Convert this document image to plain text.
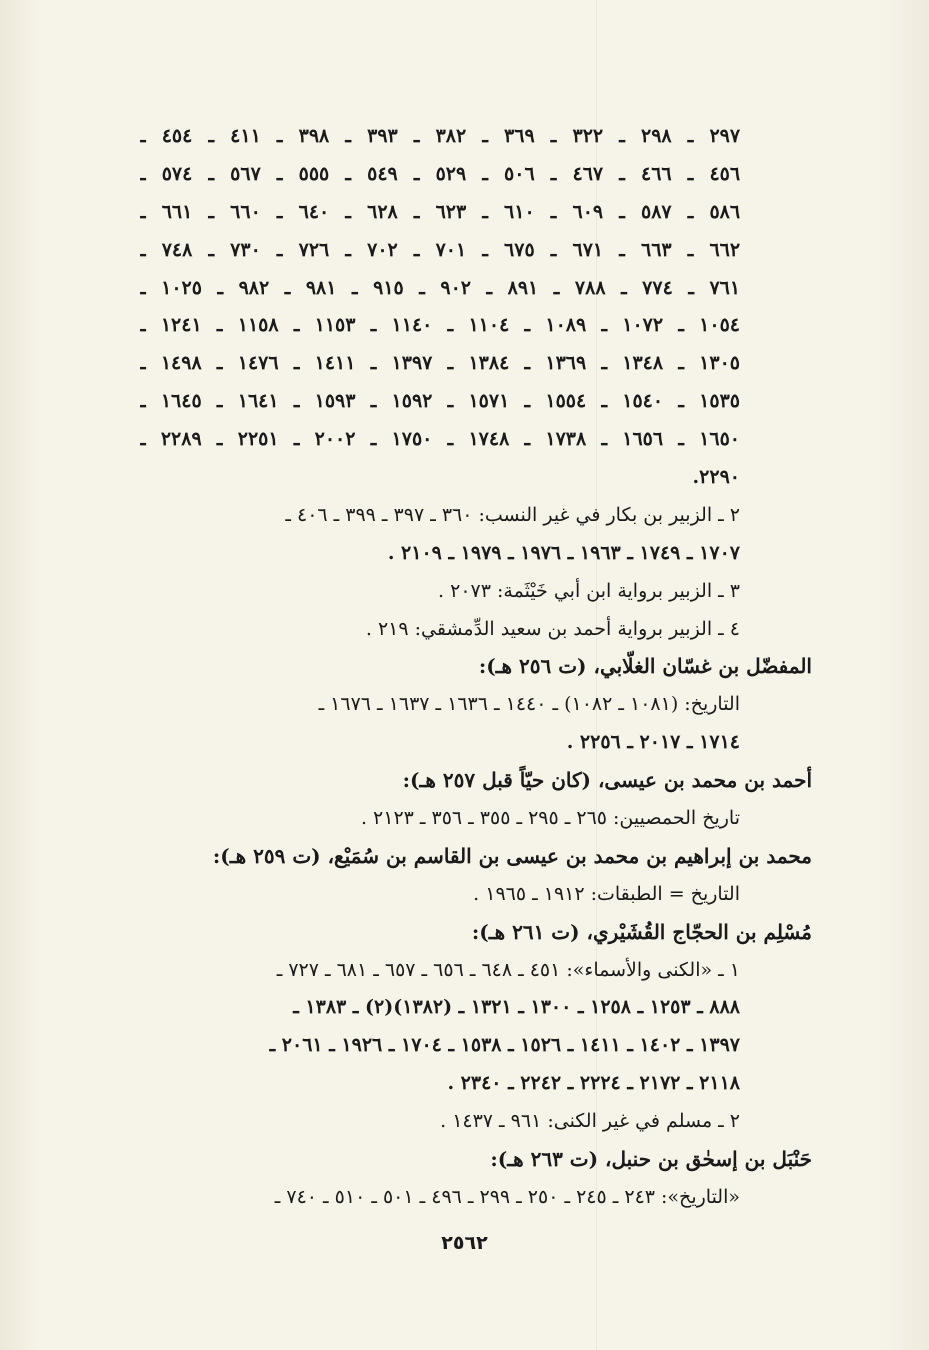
٢٩٧ ـ ٢٩٨ ـ ٣٢٢ ـ ٣٦٩ ـ ٣٨٢ ـ ٣٩٣ ـ ٣٩٨ ـ ٤١١ ـ ٤٥٤ ـ
٤٥٦ ـ ٤٦٦ ـ ٤٦٧ ـ ٥٠٦ ـ ٥٢٩ ـ ٥٤٩ ـ ٥٥٥ ـ ٥٦٧ ـ ٥٧٤ ـ
٥٨٦ ـ ٥٨٧ ـ ٦٠٩ ـ ٦١٠ ـ ٦٢٣ ـ ٦٢٨ ـ ٦٤٠ ـ ٦٦٠ ـ ٦٦١ ـ
٦٦٢ ـ ٦٦٣ ـ ٦٧١ ـ ٦٧٥ ـ ٧٠١ ـ ٧٠٢ ـ ٧٢٦ ـ ٧٣٠ ـ ٧٤٨ ـ
٧٦١ ـ ٧٧٤ ـ ٧٨٨ ـ ٨٩١ ـ ٩٠٢ ـ ٩١٥ ـ ٩٨١ ـ ٩٨٢ ـ ١٠٢٥ ـ
١٠٥٤ ـ ١٠٧٢ ـ ١٠٨٩ ـ ١١٠٤ ـ ١١٤٠ ـ ١١٥٣ ـ ١١٥٨ ـ ١٢٤١ ـ
١٣٠٥ ـ ١٣٤٨ ـ ١٣٦٩ ـ ١٣٨٤ ـ ١٣٩٧ ـ ١٤١١ ـ ١٤٧٦ ـ ١٤٩٨ ـ
١٥٣٥ ـ ١٥٤٠ ـ ١٥٥٤ ـ ١٥٧١ ـ ١٥٩٢ ـ ١٥٩٣ ـ ١٦٤١ ـ ١٦٤٥ ـ
١٦٥٠ ـ ١٦٥٦ ـ ١٧٣٨ ـ ١٧٤٨ ـ ١٧٥٠ ـ ٢٠٠٢ ـ ٢٢٥١ ـ ٢٢٨٩ ـ
٢٢٩٠.
٢ ـ الزبير بن بكار في غير النسب: ٣٦٠ ـ ٣٩٧ ـ ٣٩٩ ـ ٤٠٦ ـ
١٧٠٧ ـ ١٧٤٩ ـ ١٩٦٣ ـ ١٩٧٦ ـ ١٩٧٩ ـ ٢١٠٩ .
٣ ـ الزبير برواية ابن أبي خَيْثَمة: ٢٠٧٣ .
٤ ـ الزبير برواية أحمد بن سعيد الدِّمشقي: ٢١٩ .
المفضّل بن غسّان الغلّابي، (ت ٢٥٦ هـ):
التاريخ: (١٠٨١ ـ ١٠٨٢) ـ ١٤٤٠ ـ ١٦٣٦ ـ ١٦٣٧ ـ ١٦٧٦ ـ
١٧١٤ ـ ٢٠١٧ ـ ٢٢٥٦ .
أحمد بن محمد بن عيسى، (كان حيّاً قبل ٢٥٧ هـ):
تاريخ الحمصيين: ٢٦٥ ـ ٢٩٥ ـ ٣٥٥ ـ ٣٥٦ ـ ٢١٢٣ .
محمد بن إبراهيم بن محمد بن عيسى بن القاسم بن سُمَيْع، (ت ٢٥٩ هـ):
التاريخ = الطبقات: ١٩١٢ ـ ١٩٦٥ .
مُسْلِم بن الحجّاج القُشَيْري، (ت ٢٦١ هـ):
١ ـ «الكنى والأسماء»: ٤٥١ ـ ٦٤٨ ـ ٦٥٦ ـ ٦٥٧ ـ ٦٨١ ـ ٧٢٧ ـ
٨٨٨ ـ ١٢٥٣ ـ ١٢٥٨ ـ ١٣٠٠ ـ ١٣٢١ ـ (١٣٨٢)(٢) ـ ١٣٨٣ ـ
١٣٩٧ ـ ١٤٠٢ ـ ١٤١١ ـ ١٥٢٦ ـ ١٥٣٨ ـ ١٧٠٤ ـ ١٩٢٦ ـ ٢٠٦١ ـ
٢١١٨ ـ ٢١٧٢ ـ ٢٢٢٤ ـ ٢٢٤٢ ـ ٢٣٤٠ .
٢ ـ مسلم في غير الكنى: ٩٦١ ـ ١٤٣٧ .
حَنْبَل بن إسحٰق بن حنبل، (ت ٢٦٣ هـ):
«التاريخ»: ٢٤٣ ـ ٢٤٥ ـ ٢٥٠ ـ ٢٩٩ ـ ٤٩٦ ـ ٥٠١ ـ ٥١٠ ـ ٧٤٠ ـ
٢٥٦٢
